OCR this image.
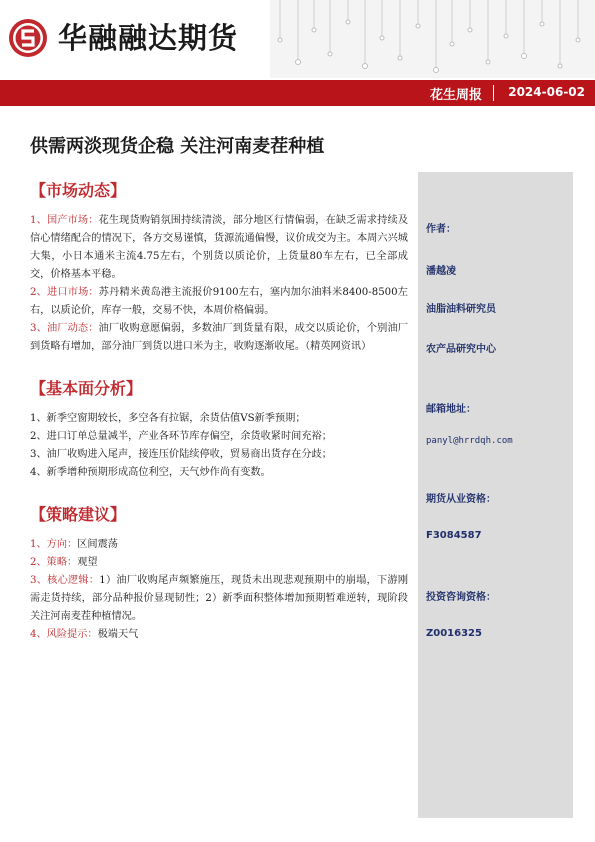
华融融达期货
花生周报 2024-06-02
供需两淡现货企稳 关注河南麦茬种植
【市场动态】

1、国产市场：花生现货购销氛围持续清淡，部分地区行情偏弱，在缺乏需求持续及信心情绪配合的情况下，各方交易谨慎，货源流通偏慢，议价成交为主。本周六兴城大集，小日本通米主流4.75左右，个别货以质论价，上货量80车左右，已全部成交，价格基本平稳。

2、进口市场：苏丹精米黄岛港主流报价9100左右，塞内加尔油料米8400-8500左右，以质论价，库存一般，交易不快，本周价格偏弱。

3、油厂动态：油厂收购意愿偏弱，多数油厂到货量有限，成交以质论价，个别油厂到货略有增加，部分油厂到货以进口米为主，收购逐渐收尾。（精英网资讯）

【基本面分析】

1、新季空窗期较长，多空各有拉锯，余货估值VS新季预期；

2、进口订单总量减半，产业各环节库存偏空，余货收紧时间充裕；

3、油厂收购进入尾声，接连压价陆续停收，贸易商出货存在分歧；

4、新季增种预期形成高位利空，天气炒作尚有变数。

【策略建议】

1、方向：区间震荡

2、策略：观望

3、核心逻辑：1）油厂收购尾声频繁施压，现货未出现悲观预期中的崩塌，下游刚需走货持续，部分品种报价显现韧性；2）新季面积整体增加预期暂难逆转，现阶段关注河南麦茬种植情况。

4、风险提示：极端天气

作者：
潘越凌
油脂油料研究员
农产品研究中心
邮箱地址：
panyl@hrrdqh.com
期货从业资格：
F3084587
投资咨询资格：
Z0016325
